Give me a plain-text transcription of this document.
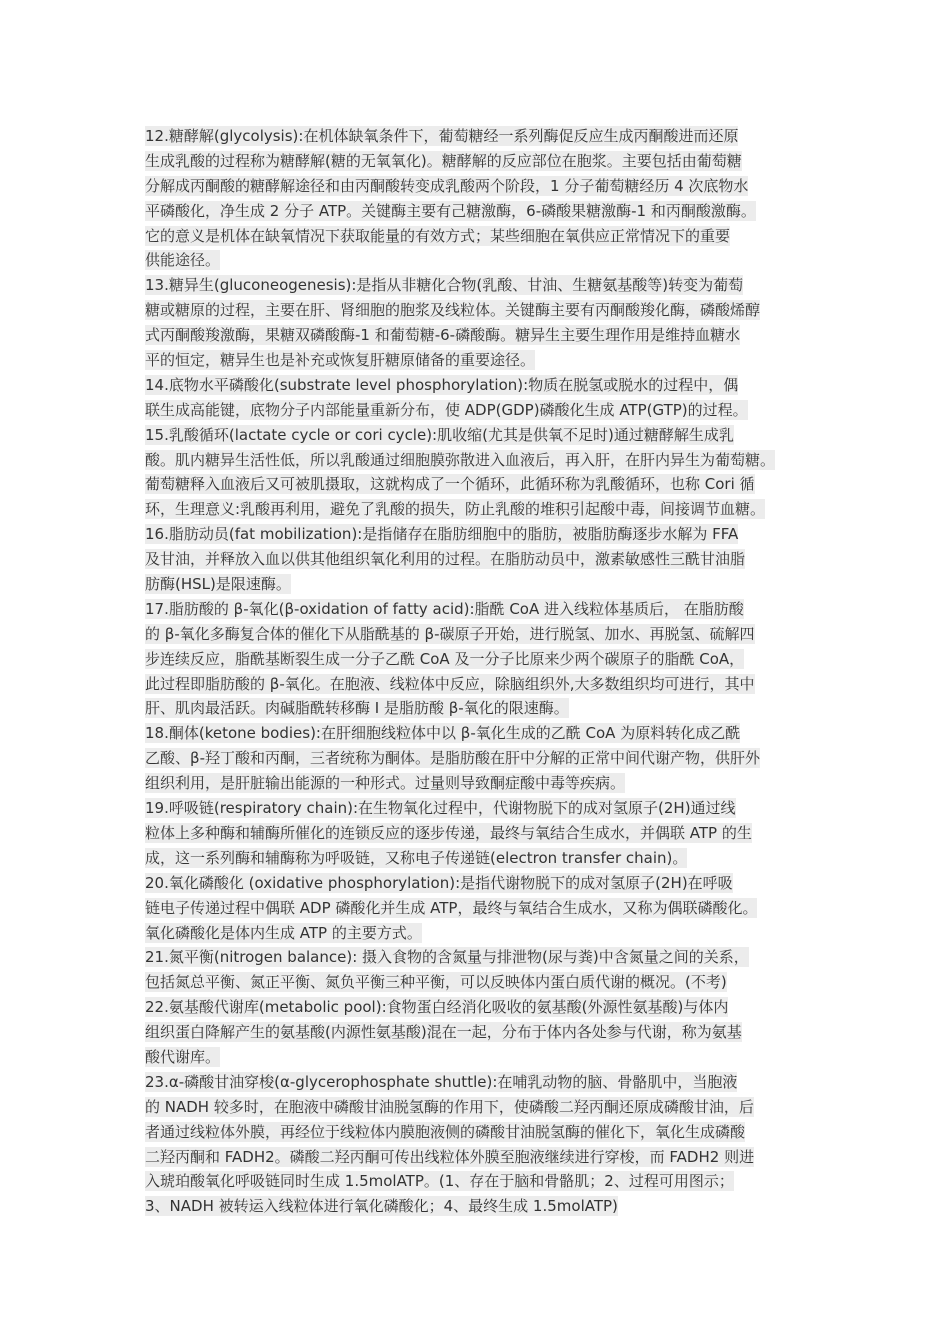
12.糖酵解(glycolysis):在机体缺氧条件下，葡萄糖经一系列酶促反应生成丙酮酸进而还原
生成乳酸的过程称为糖酵解(糖的无氧氧化)。糖酵解的反应部位在胞浆。主要包括由葡萄糖
分解成丙酮酸的糖酵解途径和由丙酮酸转变成乳酸两个阶段，1 分子葡萄糖经历 4 次底物水
平磷酸化，净生成 2 分子 ATP。关键酶主要有己糖激酶，6-磷酸果糖激酶-1 和丙酮酸激酶。
它的意义是机体在缺氧情况下获取能量的有效方式；某些细胞在氧供应正常情况下的重要
供能途径。
13.糖异生(gluconeogenesis):是指从非糖化合物(乳酸、甘油、生糖氨基酸等)转变为葡萄
糖或糖原的过程，主要在肝、肾细胞的胞浆及线粒体。关键酶主要有丙酮酸羧化酶，磷酸烯醇
式丙酮酸羧激酶，果糖双磷酸酶-1 和葡萄糖-6-磷酸酶。糖异生主要生理作用是维持血糖水
平的恒定，糖异生也是补充或恢复肝糖原储备的重要途径。
14.底物水平磷酸化(substrate level phosphorylation):物质在脱氢或脱水的过程中，偶
联生成高能键，底物分子内部能量重新分布，使 ADP(GDP)磷酸化生成 ATP(GTP)的过程。
15.乳酸循环(lactate cycle or cori cycle):肌收缩(尤其是供氧不足时)通过糖酵解生成乳
酸。肌内糖异生活性低，所以乳酸通过细胞膜弥散进入血液后，再入肝，在肝内异生为葡萄糖。
葡萄糖释入血液后又可被肌摄取，这就构成了一个循环，此循环称为乳酸循环，也称 Cori 循
环，生理意义:乳酸再利用，避免了乳酸的损失，防止乳酸的堆积引起酸中毒，间接调节血糖。
16.脂肪动员(fat mobilization):是指储存在脂肪细胞中的脂肪，被脂肪酶逐步水解为 FFA
及甘油，并释放入血以供其他组织氧化利用的过程。在脂肪动员中，激素敏感性三酰甘油脂
肪酶(HSL)是限速酶。
17.脂肪酸的 β-氧化(β-oxidation of fatty acid):脂酰 CoA 进入线粒体基质后， 在脂肪酸
的 β-氧化多酶复合体的催化下从脂酰基的 β-碳原子开始，进行脱氢、加水、再脱氢、硫解四
步连续反应，脂酰基断裂生成一分子乙酰 CoA 及一分子比原来少两个碳原子的脂酰 CoA，
此过程即脂肪酸的 β-氧化。在胞液、线粒体中反应，除脑组织外,大多数组织均可进行，其中
肝、肌肉最活跃。肉碱脂酰转移酶 I 是脂肪酸 β-氧化的限速酶。
18.酮体(ketone bodies):在肝细胞线粒体中以 β-氧化生成的乙酰 CoA 为原料转化成乙酰
乙酸、β-羟丁酸和丙酮，三者统称为酮体。是脂肪酸在肝中分解的正常中间代谢产物，供肝外
组织利用，是肝脏输出能源的一种形式。过量则导致酮症酸中毒等疾病。
19.呼吸链(respiratory chain):在生物氧化过程中，代谢物脱下的成对氢原子(2H)通过线
粒体上多种酶和辅酶所催化的连锁反应的逐步传递，最终与氧结合生成水，并偶联 ATP 的生
成，这一系列酶和辅酶称为呼吸链，又称电子传递链(electron transfer chain)。
20.氧化磷酸化 (oxidative phosphorylation):是指代谢物脱下的成对氢原子(2H)在呼吸
链电子传递过程中偶联 ADP 磷酸化并生成 ATP，最终与氧结合生成水，又称为偶联磷酸化。
氧化磷酸化是体内生成 ATP 的主要方式。
21.氮平衡(nitrogen balance): 摄入食物的含氮量与排泄物(尿与粪)中含氮量之间的关系，
包括氮总平衡、氮正平衡、氮负平衡三种平衡，可以反映体内蛋白质代谢的概况。(不考)
22.氨基酸代谢库(metabolic pool):食物蛋白经消化吸收的氨基酸(外源性氨基酸)与体内
组织蛋白降解产生的氨基酸(内源性氨基酸)混在一起，分布于体内各处参与代谢，称为氨基
酸代谢库。
23.α-磷酸甘油穿梭(α-glycerophosphate shuttle):在哺乳动物的脑、骨骼肌中，当胞液
的 NADH 较多时，在胞液中磷酸甘油脱氢酶的作用下，使磷酸二羟丙酮还原成磷酸甘油，后
者通过线粒体外膜，再经位于线粒体内膜胞液侧的磷酸甘油脱氢酶的催化下，氧化生成磷酸
二羟丙酮和 FADH2。磷酸二羟丙酮可传出线粒体外膜至胞液继续进行穿梭，而 FADH2 则进
入琥珀酸氧化呼吸链同时生成 1.5molATP。(1、存在于脑和骨骼肌；2、过程可用图示；
3、NADH 被转运入线粒体进行氧化磷酸化；4、最终生成 1.5molATP)
